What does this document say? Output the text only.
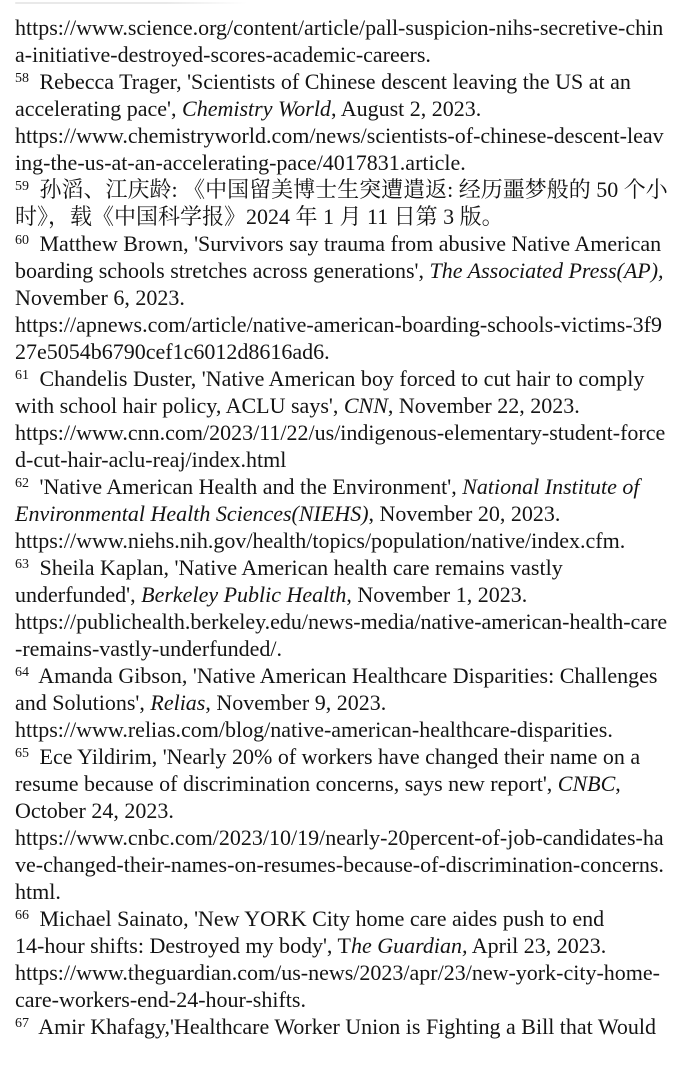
https://www.science.org/content/article/pall-suspicion-nihs-secretive-chin
a-initiative-destroyed-scores-academic-careers.
$^{58}$ Rebecca Trager, 'Scientists of Chinese descent leaving the US at an
accelerating pace', Chemistry World, August 2, 2023.
https://www.chemistryworld.com/news/scientists-of-chinese-descent-leav
ing-the-us-at-an-accelerating-pace/4017831.article.
$^{59}$ 孙滔、江庆龄: 《中国留美博士生突遭遣返: 经历噩梦般的 50 个小
时》，载《中国科学报》2024 年 1 月 11 日第 3 版。
$^{60}$ Matthew Brown, 'Survivors say trauma from abusive Native American
boarding schools stretches across generations', The Associated Press(AP),
November 6, 2023.
https://apnews.com/article/native-american-boarding-schools-victims-3f9
27e5054b6790cef1c6012d8616ad6.
$^{61}$ Chandelis Duster, 'Native American boy forced to cut hair to comply
with school hair policy, ACLU says', CNN, November 22, 2023.
https://www.cnn.com/2023/11/22/us/indigenous-elementary-student-force
d-cut-hair-aclu-reaj/index.html
$^{62}$ 'Native American Health and the Environment', National Institute of
Environmental Health Sciences(NIEHS), November 20, 2023.
https://www.niehs.nih.gov/health/topics/population/native/index.cfm.
$^{63}$ Sheila Kaplan, 'Native American health care remains vastly
underfunded', Berkeley Public Health, November 1, 2023.
https://publichealth.berkeley.edu/news-media/native-american-health-care
-remains-vastly-underfunded/.
$^{64}$ Amanda Gibson, 'Native American Healthcare Disparities: Challenges
and Solutions', Relias, November 9, 2023.
https://www.relias.com/blog/native-american-healthcare-disparities.
$^{65}$ Ece Yildirim, 'Nearly 20% of workers have changed their name on a
resume because of discrimination concerns, says new report', CNBC,
October 24, 2023.
https://www.cnbc.com/2023/10/19/nearly-20percent-of-job-candidates-ha
ve-changed-their-names-on-resumes-because-of-discrimination-concerns.
html.
$^{66}$ Michael Sainato, 'New YORK City home care aides push to end
14-hour shifts: Destroyed my body', The Guardian, April 23, 2023.
https://www.theguardian.com/us-news/2023/apr/23/new-york-city-home-
care-workers-end-24-hour-shifts.
$^{67}$ Amir Khafagy,'Healthcare Worker Union is Fighting a Bill that Would
